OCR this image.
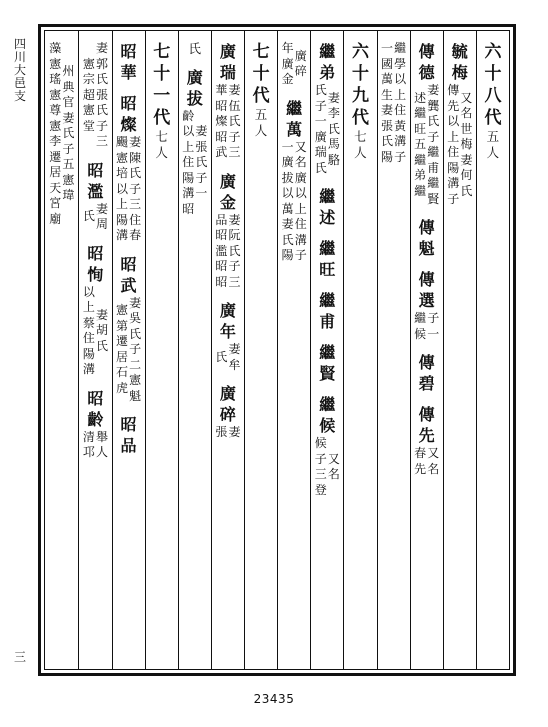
四川大邑支
三
六
十
八
代
五
人
毓
梅
又
名
世
梅
妻
何
氏
傳
先
以
上
住
陽
溝
子
傳
德
妻
龔
氏
子
繼
甫
繼
賢
述
繼
旺
五
繼
弟
繼
傳
魁
傳
選
子
一
繼
候
傳
碧
傳
先
又
名
春
先
繼
學
以
上
住
黃
溝
子
一
國
萬
生
妻
張
氏
陽
六
十
九
代
七
人
繼
弟
妻
李
氏
馬
駱
氏
子
一
廣
瑞
氏
繼
述
繼
旺
繼
甫
繼
賢
繼
候
又
名
候
子
三
登
廣
碎
年
廣
金
繼
萬
又
名
廣
以
上
住
溝
子
一
廣
拔
以
萬
妻
氏
陽
七
十
代
五
人
廣
瑞
妻
伍
氏
子
三
華
昭
燦
昭
武
廣
金
妻
阮
氏
子
三
品
昭
濫
昭
昭
廣
年
妻
牟
氏
廣
碎
妻
張
氏
廣
拔
妻
張
氏
子
一
齡
以
上
住
陽
溝
昭
七
十
一
代
七
人
昭
華
昭
燦
妻
陳
氏
子
三
住
春
颺
憲
培
以
上
陽
溝
昭
武
妻
吳
氏
子
二
憲
魁
憲
第
遷
居
石
虎
昭
品
妻
郭
氏
張
氏
子
三
憲
宗
超
憲
堂
昭
濫
妻
周
氏
昭
恂
妻
胡
氏
以
上
蔡
住
陽
溝
昭
齡
舉
人
清
邛
州
典
官
妻
氏
子
五
憲
瑋
藻
憲
瑤
憲
尊
憲
李
遷
居
天
宮
廟
23435
